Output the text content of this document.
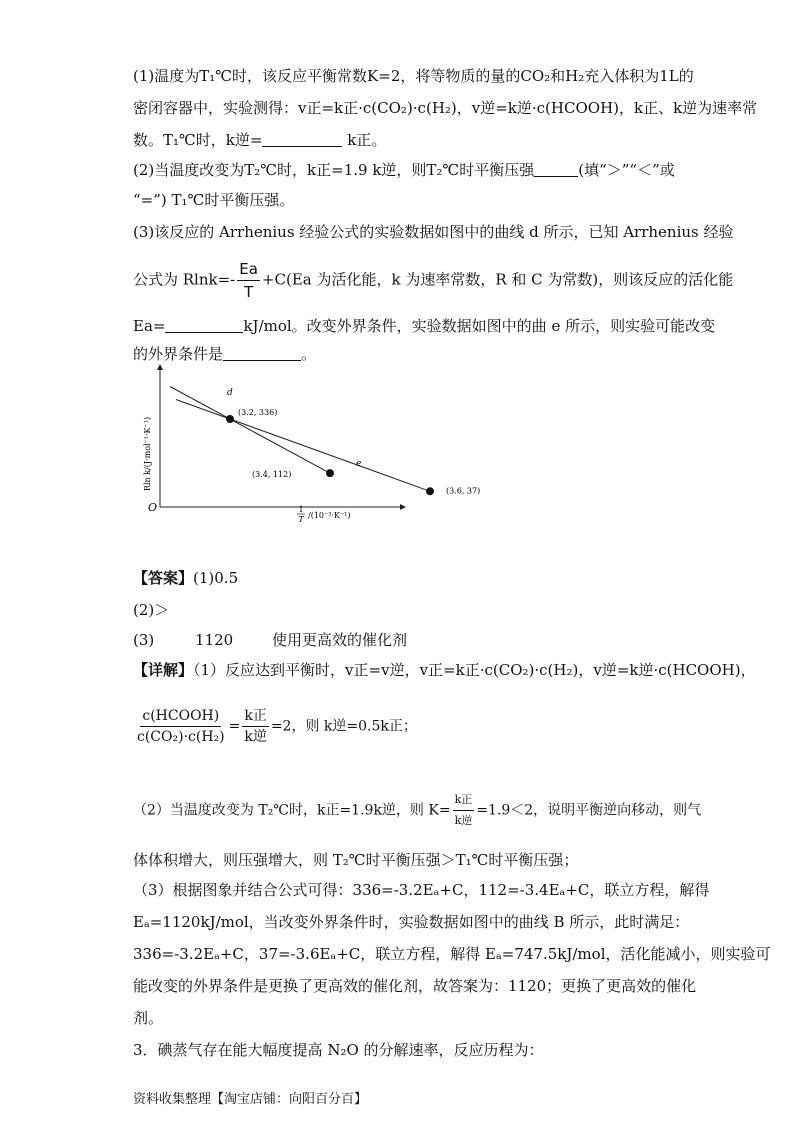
(1)温度为T₁℃时，该反应平衡常数K=2，将等物质的量的CO₂和H₂充入体积为1L的
密闭容器中，实验测得：v正=k正·c(CO₂)·c(H₂)，v逆=k逆·c(HCOOH)，k正、k逆为速率常
数。T₁℃时，k逆=	k正。
(2)当温度改变为T₂℃时，k正=1.9 k逆，则T₂℃时平衡压强	(填“＞”“＜”或
“=”) T₁℃时平衡压强。
(3)该反应的 Arrhenius 经验公式的实验数据如图中的曲线 d 所示，已知 Arrhenius 经验
公式为 $Rlnk=- \frac{Ea}{T} +C(Ea$ 为活化能，k 为速率常数，R 和 C 为常数)，则该反应的活化能
Ea=	kJ/mol。改变外界条件，实验数据如图中的曲 e 所示，则实验可能改变
的外界条件是	。
O
Rln k/(J·mol⁻¹·K⁻¹)
1
T /(10⁻³·K⁻¹)
d
e
(3.2, 336)
(3.4, 112)
(3.6, 37)
【答案】(1)0.5
(2)＞
(3)	1120	使用更高效的催化剂
【详解】（1）反应达到平衡时，v正=v逆，v正=k正·c(CO₂)·c(H₂)，v逆=k逆·c(HCOOH)，
$\frac{\text{c(HCOOH)}}{\text{c(CO₂)·c(H₂)}} = \frac{\text{k正}}{\text{k逆}} =2$，则 k逆=0.5k正；
（2）当温度改变为 T₂℃时，k正=1.9k逆，则 $K= \frac{\text{k正}}{\text{k逆}} =1.9<2$，说明平衡逆向移动，则气
体体积增大，则压强增大，则 T₂℃时平衡压强＞T₁℃时平衡压强；
（3）根据图象并结合公式可得：336=-3.2Eₐ+C，112=-3.4Eₐ+C，联立方程，解得
Eₐ=1120kJ/mol，当改变外界条件时，实验数据如图中的曲线 B 所示，此时满足：
336=-3.2Eₐ+C，37=-3.6Eₐ+C，联立方程，解得 Eₐ=747.5kJ/mol，活化能减小，则实验可
能改变的外界条件是更换了更高效的催化剂，故答案为：1120；更换了更高效的催化
剂。
3．碘蒸气存在能大幅度提高 N₂O 的分解速率，反应历程为：
资料收集整理【淘宝店铺：向阳百分百】
